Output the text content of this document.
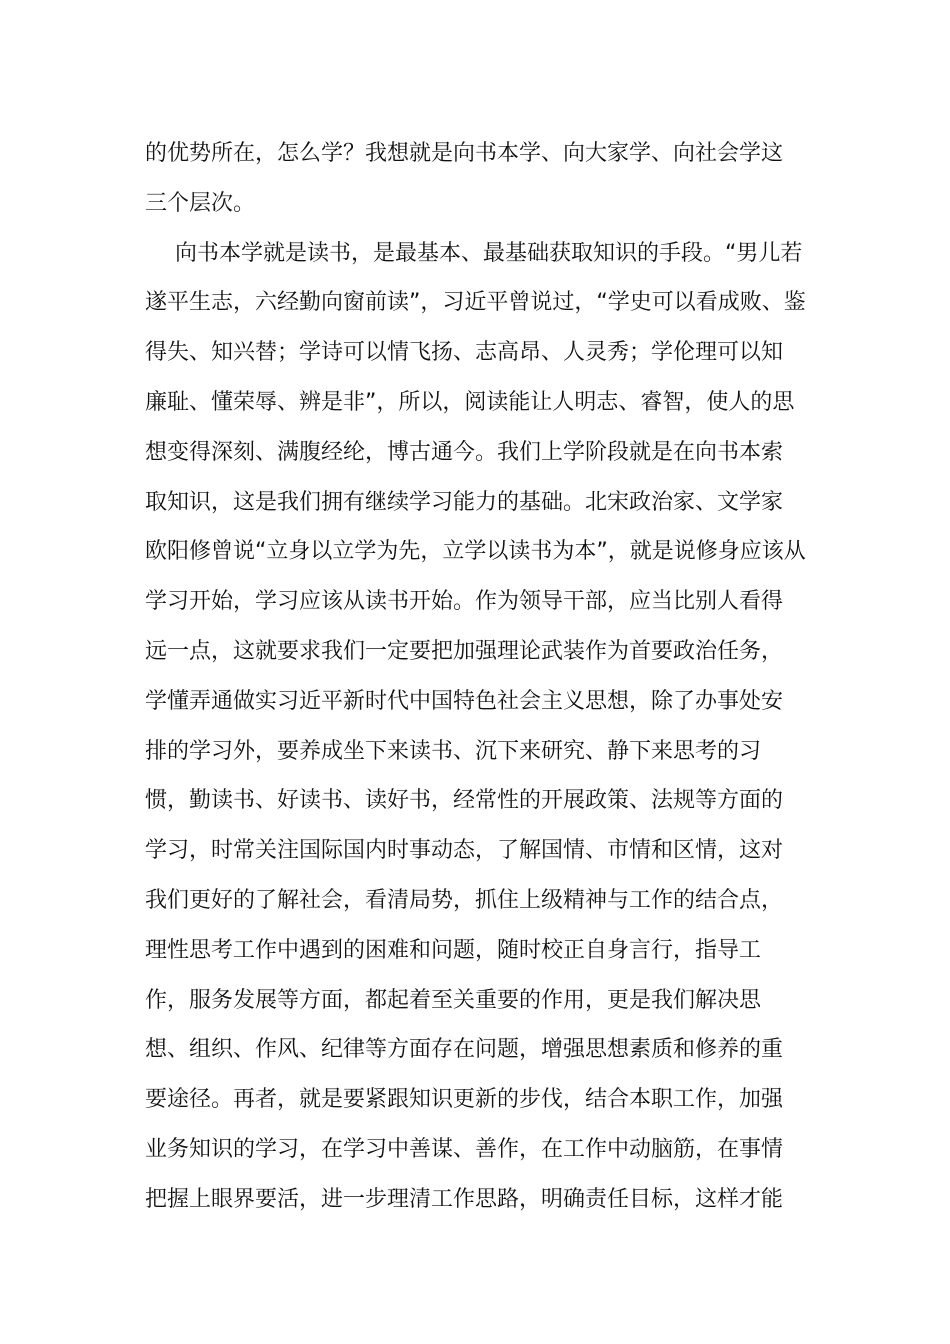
的优势所在，怎么学？我想就是向书本学、向大家学、向社会学这
三个层次。
向书本学就是读书，是最基本、最基础获取知识的手段。“男儿若
遂平生志，六经勤向窗前读”，习近平曾说过，“学史可以看成败、鉴
得失、知兴替；学诗可以情飞扬、志高昂、人灵秀；学伦理可以知
廉耻、懂荣辱、辨是非”，所以，阅读能让人明志、睿智，使人的思
想变得深刻、满腹经纶，博古通今。我们上学阶段就是在向书本索
取知识，这是我们拥有继续学习能力的基础。北宋政治家、文学家
欧阳修曾说“立身以立学为先，立学以读书为本”，就是说修身应该从
学习开始，学习应该从读书开始。作为领导干部，应当比别人看得
远一点，这就要求我们一定要把加强理论武装作为首要政治任务，
学懂弄通做实习近平新时代中国特色社会主义思想，除了办事处安
排的学习外，要养成坐下来读书、沉下来研究、静下来思考的习
惯，勤读书、好读书、读好书，经常性的开展政策、法规等方面的
学习，时常关注国际国内时事动态，了解国情、市情和区情，这对
我们更好的了解社会，看清局势，抓住上级精神与工作的结合点，
理性思考工作中遇到的困难和问题，随时校正自身言行，指导工
作，服务发展等方面，都起着至关重要的作用，更是我们解决思
想、组织、作风、纪律等方面存在问题，增强思想素质和修养的重
要途径。再者，就是要紧跟知识更新的步伐，结合本职工作，加强
业务知识的学习，在学习中善谋、善作，在工作中动脑筋，在事情
把握上眼界要活，进一步理清工作思路，明确责任目标，这样才能
